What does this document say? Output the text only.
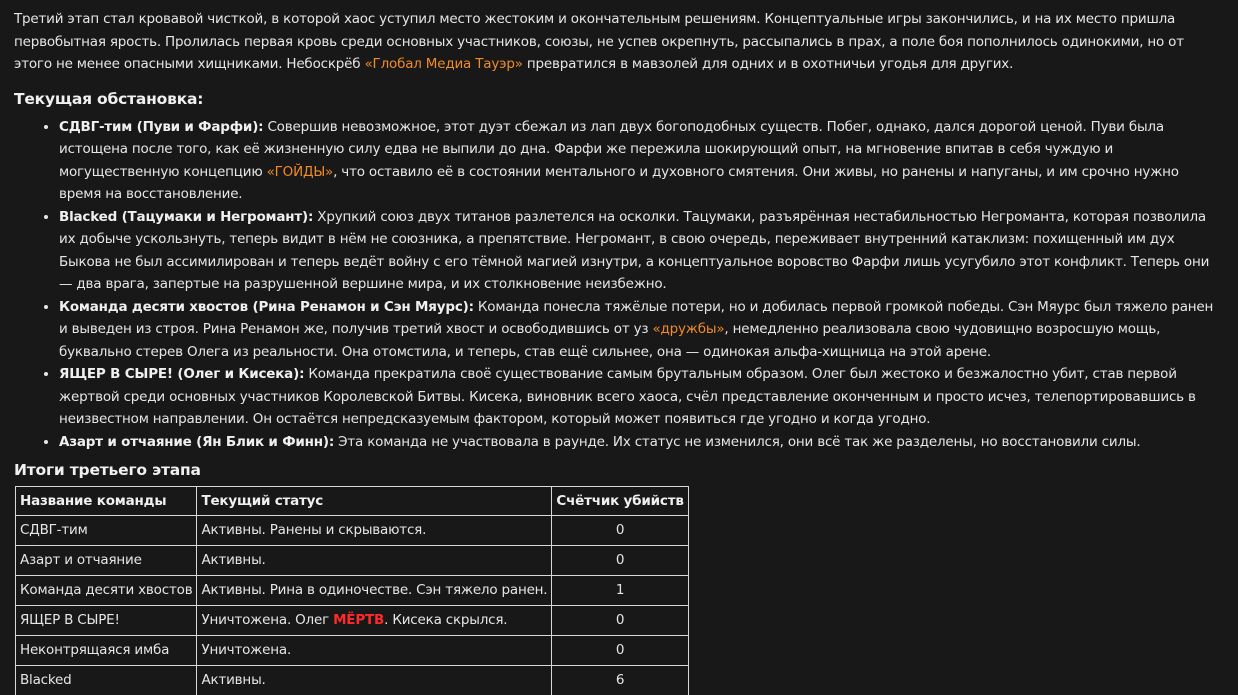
Третий этап стал кровавой чисткой, в которой хаос уступил место жестоким и окончательным решениям. Концептуальные игры закончились, и на их место пришла первобытная ярость. Пролилась первая кровь среди основных участников, союзы, не успев окрепнуть, рассыпались в прах, а поле боя пополнилось одинокими, но от этого не менее опасными хищниками. Небоскрёб «Глобал Медиа Тауэр» превратился в мавзолей для одних и в охотничьи угодья для других.

Текущая обстановка:
• СДВГ-тим (Пуви и Фарфи): Совершив невозможное, этот дуэт сбежал из лап двух богоподобных существ. Побег, однако, дался дорогой ценой. Пуви была истощена после того, как её жизненную силу едва не выпили до дна. Фарфи же пережила шокирующий опыт, на мгновение впитав в себя чуждую и могущественную концепцию «ГОЙДЫ», что оставило её в состоянии ментального и духовного смятения. Они живы, но ранены и напуганы, и им срочно нужно время на восстановление.
• Blacked (Тацумаки и Негромант): Хрупкий союз двух титанов разлетелся на осколки. Тацумаки, разъярённая нестабильностью Негроманта, которая позволила их добыче ускользнуть, теперь видит в нём не союзника, а препятствие. Негромант, в свою очередь, переживает внутренний катаклизм: похищенный им дух Быкова не был ассимилирован и теперь ведёт войну с его тёмной магией изнутри, а концептуальное воровство Фарфи лишь усугубило этот конфликт. Теперь они — два врага, запертые на разрушенной вершине мира, и их столкновение неизбежно.
• Команда десяти хвостов (Рина Ренамон и Сэн Мяурс): Команда понесла тяжёлые потери, но и добилась первой громкой победы. Сэн Мяурс был тяжело ранен и выведен из строя. Рина Ренамон же, получив третий хвост и освободившись от уз «дружбы», немедленно реализовала свою чудовищно возросшую мощь, буквально стерев Олега из реальности. Она отомстила, и теперь, став ещё сильнее, она — одинокая альфа-хищница на этой арене.
• ЯЩЕР В СЫРЕ! (Олег и Кисека): Команда прекратила своё существование самым брутальным образом. Олег был жестоко и безжалостно убит, став первой жертвой среди основных участников Королевской Битвы. Кисека, виновник всего хаоса, счёл представление оконченным и просто исчез, телепортировавшись в неизвестном направлении. Он остаётся непредсказуемым фактором, который может появиться где угодно и когда угодно.
• Азарт и отчаяние (Ян Блик и Финн): Эта команда не участвовала в раунде. Их статус не изменился, они всё так же разделены, но восстановили силы.
Итоги третьего этапа
Название команды	Текущий статус	Счётчик убийств
СДВГ-тим	Активны. Ранены и скрываются.	0
Азарт и отчаяние	Активны.	0
Команда десяти хвостов	Активны. Рина в одиночестве. Сэн тяжело ранен.	1
ЯЩЕР В СЫРЕ!	Уничтожена. Олег МЁРТВ. Кисека скрылся.	0
Неконтрящаяся имба	Уничтожена.	0
Blacked	Активны.	6
